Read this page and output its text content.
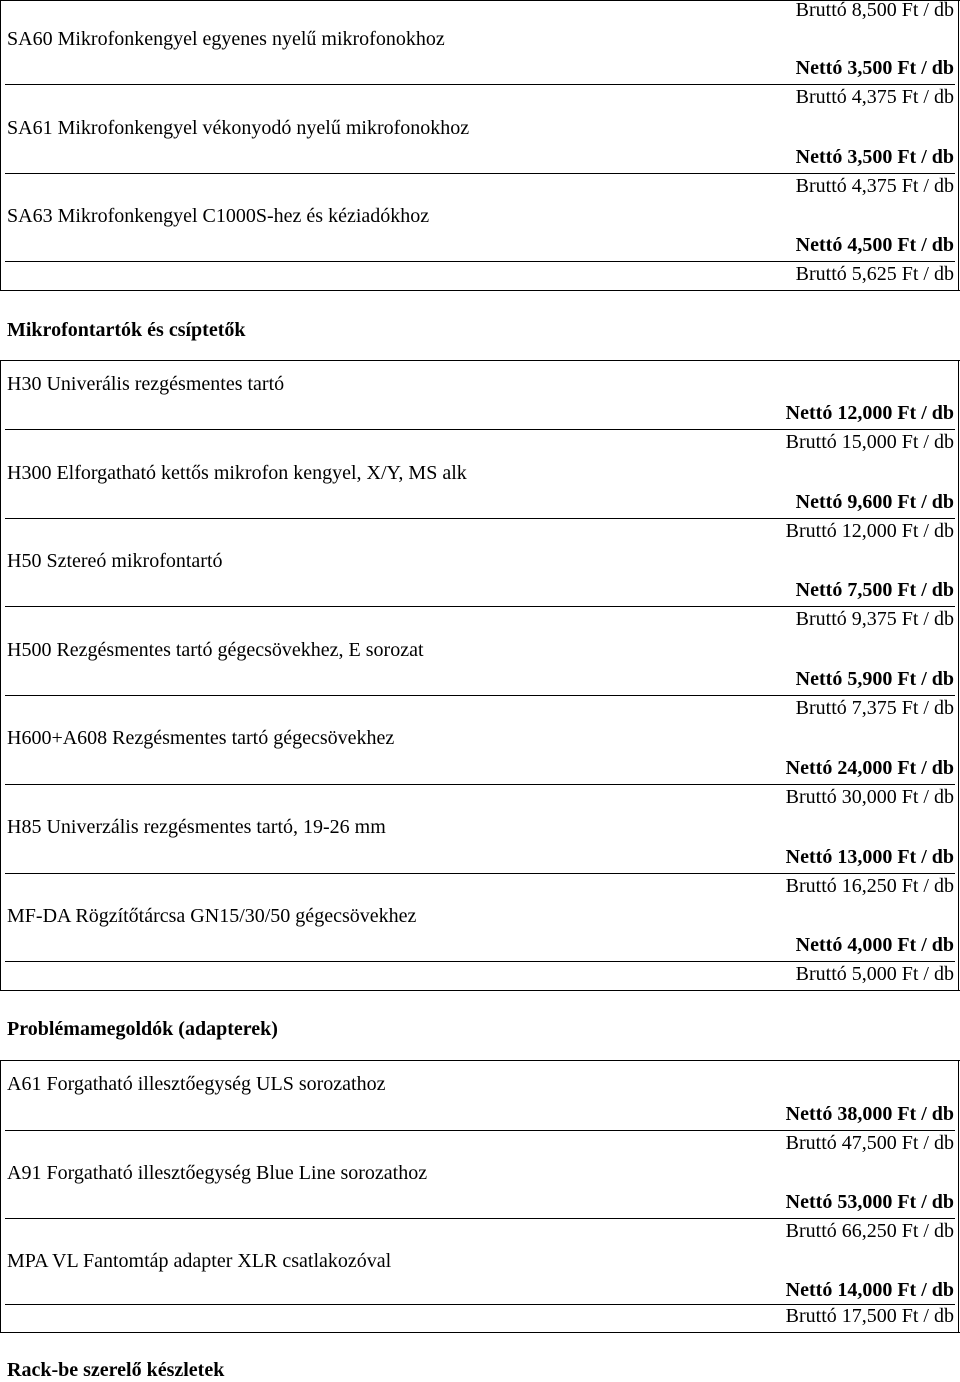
Bruttó 8,500 Ft / db
SA60 Mikrofonkengyel egyenes nyelű mikrofonokhoz
Nettó 3,500 Ft / db
Bruttó 4,375 Ft / db
SA61 Mikrofonkengyel vékonyodó nyelű mikrofonokhoz
Nettó 3,500 Ft / db
Bruttó 4,375 Ft / db
SA63 Mikrofonkengyel C1000S-hez és kéziadókhoz
Nettó 4,500 Ft / db
Bruttó 5,625 Ft / db
Mikrofontartók és csíptetők
H30 Univerális rezgésmentes tartó
Nettó 12,000 Ft / db
Bruttó 15,000 Ft / db
H300 Elforgatható kettős mikrofon kengyel, X/Y, MS alk
Nettó 9,600 Ft / db
Bruttó 12,000 Ft / db
H50 Sztereó mikrofontartó
Nettó 7,500 Ft / db
Bruttó 9,375 Ft / db
H500 Rezgésmentes tartó gégecsövekhez, E sorozat
Nettó 5,900 Ft / db
Bruttó 7,375 Ft / db
H600+A608 Rezgésmentes tartó gégecsövekhez
Nettó 24,000 Ft / db
Bruttó 30,000 Ft / db
H85 Univerzális rezgésmentes tartó, 19-26 mm
Nettó 13,000 Ft / db
Bruttó 16,250 Ft / db
MF-DA Rögzítőtárcsa GN15/30/50 gégecsövekhez
Nettó 4,000 Ft / db
Bruttó 5,000 Ft / db
Problémamegoldók (adapterek)
A61 Forgatható illesztőegység ULS sorozathoz
Nettó 38,000 Ft / db
Bruttó 47,500 Ft / db
A91 Forgatható illesztőegység Blue Line sorozathoz
Nettó 53,000 Ft / db
Bruttó 66,250 Ft / db
MPA VL Fantomtáp adapter XLR csatlakozóval
Nettó 14,000 Ft / db
Bruttó 17,500 Ft / db
Rack-be szerelő készletek
